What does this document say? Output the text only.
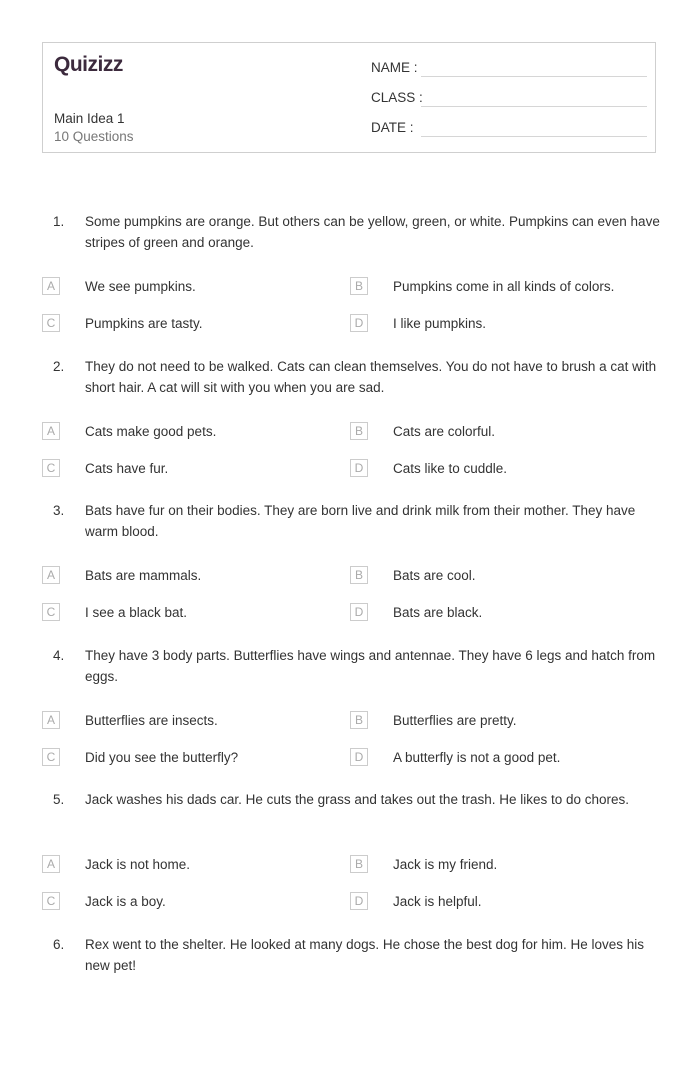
Quizizz
Main Idea 1
10 Questions
NAME :
CLASS :
DATE :
1. Some pumpkins are orange. But others can be yellow, green, or white. Pumpkins can even have stripes of green and orange.
A	We see pumpkins.	B	Pumpkins come in all kinds of colors.
C	Pumpkins are tasty.	D	I like pumpkins.
2. They do not need to be walked. Cats can clean themselves. You do not have to brush a cat with short hair. A cat will sit with you when you are sad.
A	Cats make good pets.	B	Cats are colorful.
C	Cats have fur.	D	Cats like to cuddle.
3. Bats have fur on their bodies. They are born live and drink milk from their mother. They have warm blood.
A	Bats are mammals.	B	Bats are cool.
C	I see a black bat.	D	Bats are black.
4. They have 3 body parts. Butterflies have wings and antennae. They have 6 legs and hatch from eggs.
A	Butterflies are insects.	B	Butterflies are pretty.
C	Did you see the butterfly?	D	A butterfly is not a good pet.
5. Jack washes his dads car. He cuts the grass and takes out the trash. He likes to do chores.
A	Jack is not home.	B	Jack is my friend.
C	Jack is a boy.	D	Jack is helpful.
6. Rex went to the shelter. He looked at many dogs. He chose the best dog for him. He loves his new pet!
